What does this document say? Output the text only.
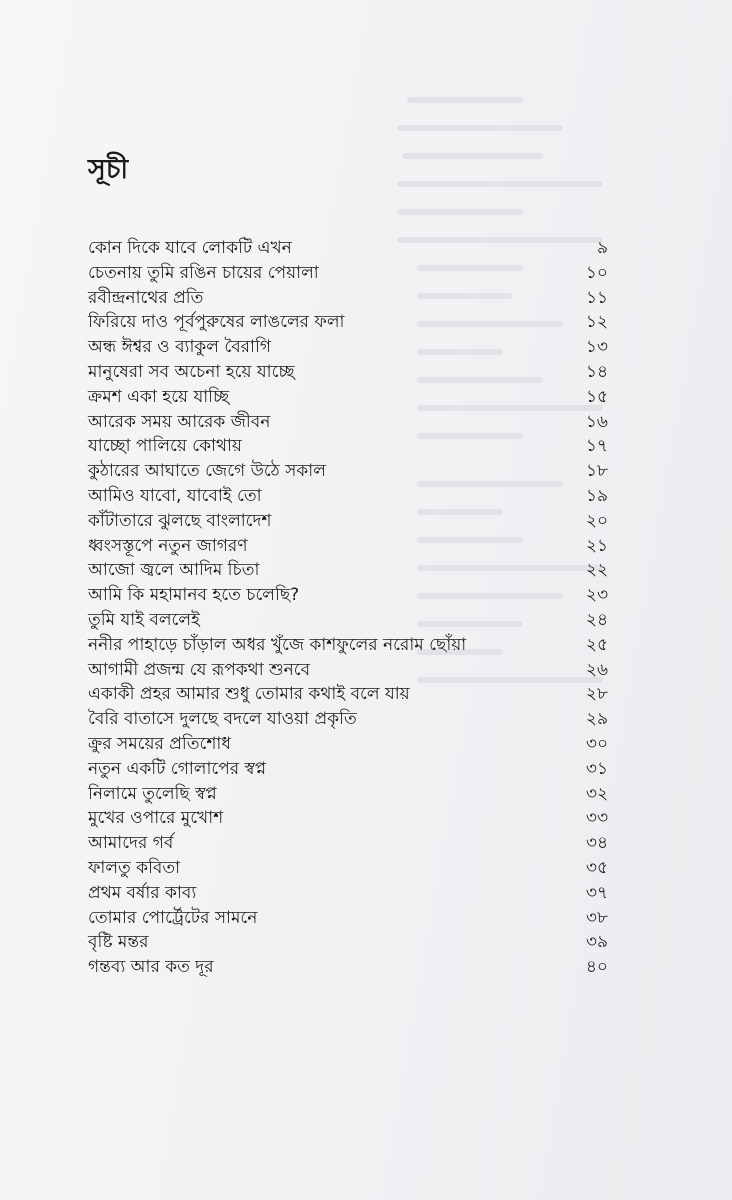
সূচী
কোন দিকে যাবে লোকটি এখন	৯
চেতনায় তুমি রঙিন চায়ের পেয়ালা	১০
রবীন্দ্রনাথের প্রতি	১১
ফিরিয়ে দাও পূর্বপুরুষের লাঙলের ফলা	১২
অন্ধ ঈশ্বর ও ব্যাকুল বৈরাগি	১৩
মানুষেরা সব অচেনা হয়ে যাচ্ছে	১৪
ক্রমশ একা হয়ে যাচ্ছি	১৫
আরেক সময় আরেক জীবন	১৬
যাচ্ছো পালিয়ে কোথায়	১৭
কুঠারের আঘাতে জেগে উঠে সকাল	১৮
আমিও যাবো, যাবোই তো	১৯
কাঁটাতারে ঝুলছে বাংলাদেশ	২০
ধ্বংসস্তূপে নতুন জাগরণ	২১
আজো জ্বলে আদিম চিতা	২২
আমি কি মহামানব হতে চলেছি?	২৩
তুমি যাই বললেই	২৪
ননীর পাহাড়ে চাঁড়াল অধর খুঁজে কাশফুলের নরোম ছোঁয়া	২৫
আগামী প্রজন্ম যে রূপকথা শুনবে	২৬
একাকী প্রহর আমার শুধু তোমার কথাই বলে যায়	২৮
বৈরি বাতাসে দুলছে বদলে যাওয়া প্রকৃতি	২৯
ক্রুর সময়ের প্রতিশোধ	৩০
নতুন একটি গোলাপের স্বপ্ন	৩১
নিলামে তুলেছি স্বপ্ন	৩২
মুখের ওপারে মুখোশ	৩৩
আমাদের গর্ব	৩৪
ফালতু কবিতা	৩৫
প্রথম বর্ষার কাব্য	৩৭
তোমার পোর্ট্রেটের সামনে	৩৮
বৃষ্টি মন্তর	৩৯
গন্তব্য আর কত দূর	৪০
